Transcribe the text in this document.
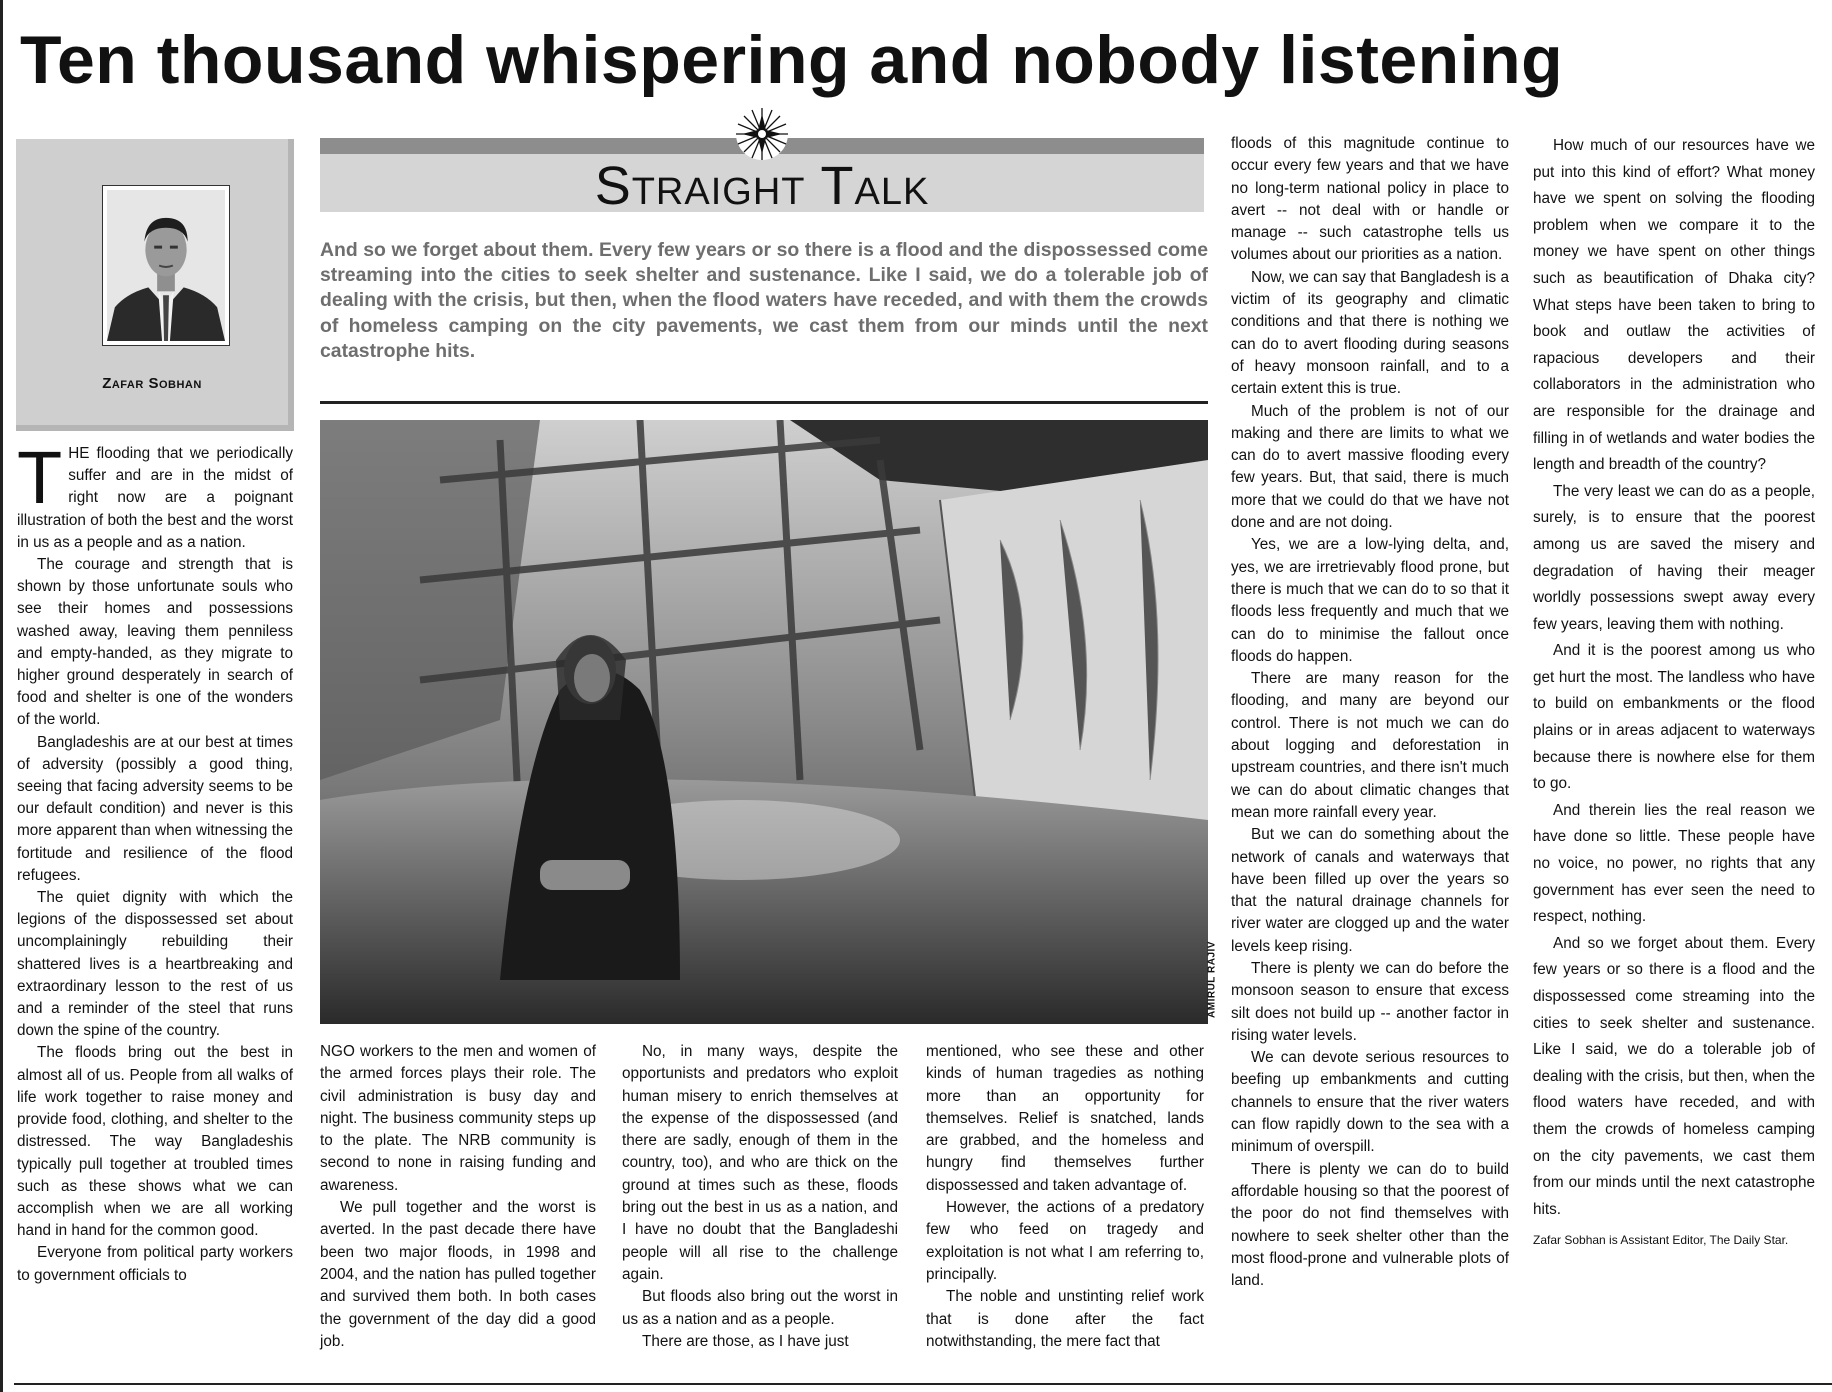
Ten thousand whispering and nobody listening
Zafar Sobhan
Straight Talk

And so we forget about them. Every few years or so there is a flood and the dispossessed come streaming into the cities to seek shelter and sustenance. Like I said, we do a tolerable job of dealing with the crisis, but then, when the flood waters have receded, and with them the crowds of homeless camping on the city pavements, we cast them from our minds until the next catastrophe hits.

AMIRUL RAJIV

THE flooding that we periodically suffer and are in the midst of right now are a poignant illustration of both the best and the worst in us as a people and as a nation.

The courage and strength that is shown by those unfortunate souls who see their homes and possessions washed away, leaving them penniless and empty-handed, as they migrate to higher ground desperately in search of food and shelter is one of the wonders of the world.

Bangladeshis are at our best at times of adversity (possibly a good thing, seeing that facing adversity seems to be our default condition) and never is this more apparent than when witnessing the fortitude and resilience of the flood refugees.

The quiet dignity with which the legions of the dispossessed set about uncomplainingly rebuilding their shattered lives is a heartbreaking and extraordinary lesson to the rest of us and a reminder of the steel that runs down the spine of the country.

The floods bring out the best in almost all of us. People from all walks of life work together to raise money and provide food, clothing, and shelter to the distressed. The way Bangladeshis typically pull together at troubled times such as these shows what we can accomplish when we are all working hand in hand for the common good.

Everyone from political party workers to government officials to

NGO workers to the men and women of the armed forces plays their role. The civil administration is busy day and night. The business community steps up to the plate. The NRB community is second to none in raising funding and awareness.

We pull together and the worst is averted. In the past decade there have been two major floods, in 1998 and 2004, and the nation has pulled together and survived them both. In both cases the government of the day did a good job.

No, in many ways, despite the opportunists and predators who exploit human misery to enrich themselves at the expense of the dispossessed (and there are sadly, enough of them in the country, too), and who are thick on the ground at times such as these, floods bring out the best in us as a nation, and I have no doubt that the Bangladeshi people will all rise to the challenge again.

But floods also bring out the worst in us as a nation and as a people.

There are those, as I have just

mentioned, who see these and other kinds of human tragedies as nothing more than an opportunity for themselves. Relief is snatched, lands are grabbed, and the homeless and hungry find themselves further dispossessed and taken advantage of.

However, the actions of a predatory few who feed on tragedy and exploitation is not what I am referring to, principally.

The noble and unstinting relief work that is done after the fact notwithstanding, the mere fact that

floods of this magnitude continue to occur every few years and that we have no long-term national policy in place to avert -- not deal with or handle or manage -- such catastrophe tells us volumes about our priorities as a nation.

Now, we can say that Bangladesh is a victim of its geography and climatic conditions and that there is nothing we can do to avert flooding during seasons of heavy monsoon rainfall, and to a certain extent this is true.

Much of the problem is not of our making and there are limits to what we can do to avert massive flooding every few years. But, that said, there is much more that we could do that we have not done and are not doing.

Yes, we are a low-lying delta, and, yes, we are irretrievably flood prone, but there is much that we can do to so that it floods less frequently and much that we can do to minimise the fallout once floods do happen.

There are many reason for the flooding, and many are beyond our control. There is not much we can do about logging and deforestation in upstream countries, and there isn't much we can do about climatic changes that mean more rainfall every year.

But we can do something about the network of canals and waterways that have been filled up over the years so that the natural drainage channels for river water are clogged up and the water levels keep rising.

There is plenty we can do before the monsoon season to ensure that excess silt does not build up -- another factor in rising water levels.

We can devote serious resources to beefing up embankments and cutting channels to ensure that the river waters can flow rapidly down to the sea with a minimum of overspill.

There is plenty we can do to build affordable housing so that the poorest of the poor do not find themselves with nowhere to seek shelter other than the most flood-prone and vulnerable plots of land.

How much of our resources have we put into this kind of effort? What money have we spent on solving the flooding problem when we compare it to the money we have spent on other things such as beautification of Dhaka city? What steps have been taken to bring to book and outlaw the activities of rapacious developers and their collaborators in the administration who are responsible for the drainage and filling in of wetlands and water bodies the length and breadth of the country?

The very least we can do as a people, surely, is to ensure that the poorest among us are saved the misery and degradation of having their meager worldly possessions swept away every few years, leaving them with nothing.

And it is the poorest among us who get hurt the most. The landless who have to build on embankments or the flood plains or in areas adjacent to waterways because there is nowhere else for them to go.

And therein lies the real reason we have done so little. These people have no voice, no power, no rights that any government has ever seen the need to respect, nothing.

And so we forget about them. Every few years or so there is a flood and the dispossessed come streaming into the cities to seek shelter and sustenance. Like I said, we do a tolerable job of dealing with the crisis, but then, when the flood waters have receded, and with them the crowds of homeless camping on the city pavements, we cast them from our minds until the next catastrophe hits.

Zafar Sobhan is Assistant Editor, The Daily Star.
